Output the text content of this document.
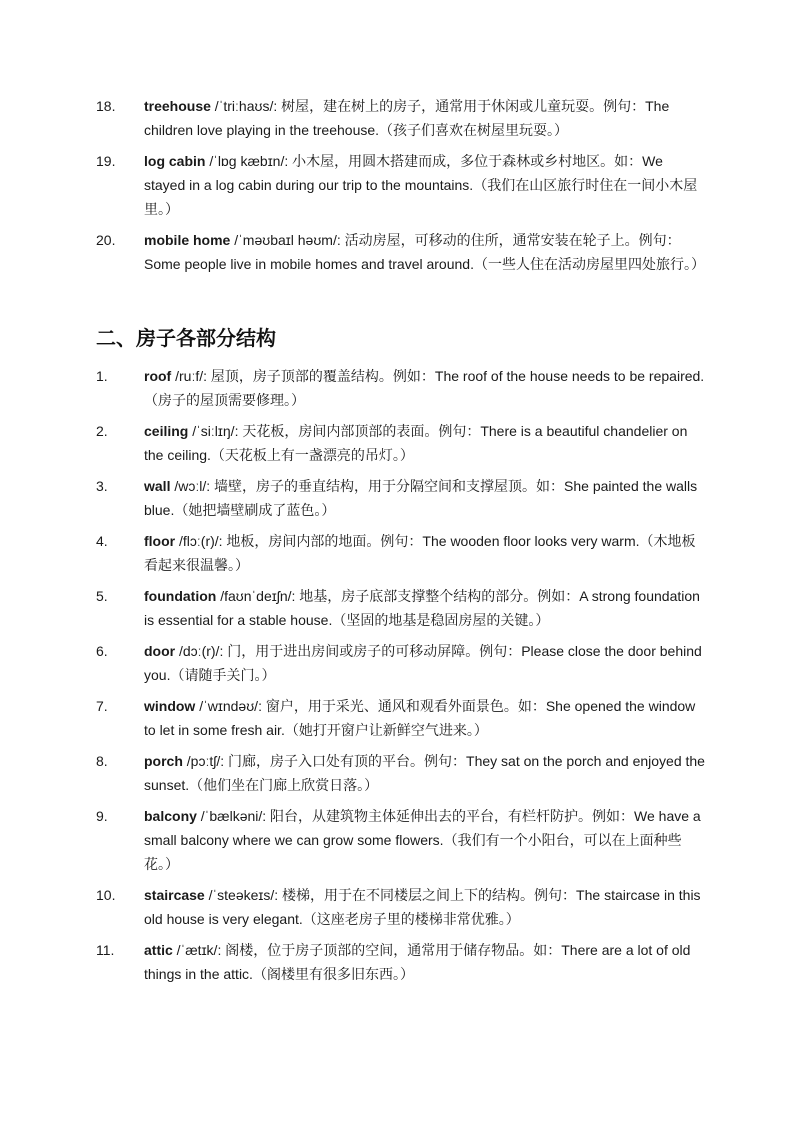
18.	treehouse /ˈtriːhaʊs/: 树屋，建在树上的房子，通常用于休闲或儿童玩耍。例句：The children love playing in the treehouse.（孩子们喜欢在树屋里玩耍。）
19.	log cabin /ˈlɒɡ kæbɪn/: 小木屋，用圆木搭建而成，多位于森林或乡村地区。如：We stayed in a log cabin during our trip to the mountains.（我们在山区旅行时住在一间小木屋里。）
20.	mobile home /ˈməʊbaɪl həʊm/: 活动房屋，可移动的住所，通常安装在轮子上。例句：Some people live in mobile homes and travel around.（一些人住在活动房屋里四处旅行。）
二、房子各部分结构
1.	roof /ruːf/: 屋顶，房子顶部的覆盖结构。例如：The roof of the house needs to be repaired.（房子的屋顶需要修理。）
2.	ceiling /ˈsiːlɪŋ/: 天花板，房间内部顶部的表面。例句：There is a beautiful chandelier on the ceiling.（天花板上有一盏漂亮的吊灯。）
3.	wall /wɔːl/: 墙壁，房子的垂直结构，用于分隔空间和支撑屋顶。如：She painted the walls blue.（她把墙壁刷成了蓝色。）
4.	floor /flɔː(r)/: 地板，房间内部的地面。例句：The wooden floor looks very warm.（木地板看起来很温馨。）
5.	foundation /faʊnˈdeɪʃn/: 地基，房子底部支撑整个结构的部分。例如：A strong foundation is essential for a stable house.（坚固的地基是稳固房屋的关键。）
6.	door /dɔː(r)/: 门，用于进出房间或房子的可移动屏障。例句：Please close the door behind you.（请随手关门。）
7.	window /ˈwɪndəʊ/: 窗户，用于采光、通风和观看外面景色。如：She opened the window to let in some fresh air.（她打开窗户让新鲜空气进来。）
8.	porch /pɔːtʃ/: 门廊，房子入口处有顶的平台。例句：They sat on the porch and enjoyed the sunset.（他们坐在门廊上欣赏日落。）
9.	balcony /ˈbælkəni/: 阳台，从建筑物主体延伸出去的平台，有栏杆防护。例如：We have a small balcony where we can grow some flowers.（我们有一个小阳台，可以在上面种些花。）
10.	staircase /ˈsteəkeɪs/: 楼梯，用于在不同楼层之间上下的结构。例句：The staircase in this old house is very elegant.（这座老房子里的楼梯非常优雅。）
11.	attic /ˈætɪk/: 阁楼，位于房子顶部的空间，通常用于储存物品。如：There are a lot of old things in the attic.（阁楼里有很多旧东西。）
